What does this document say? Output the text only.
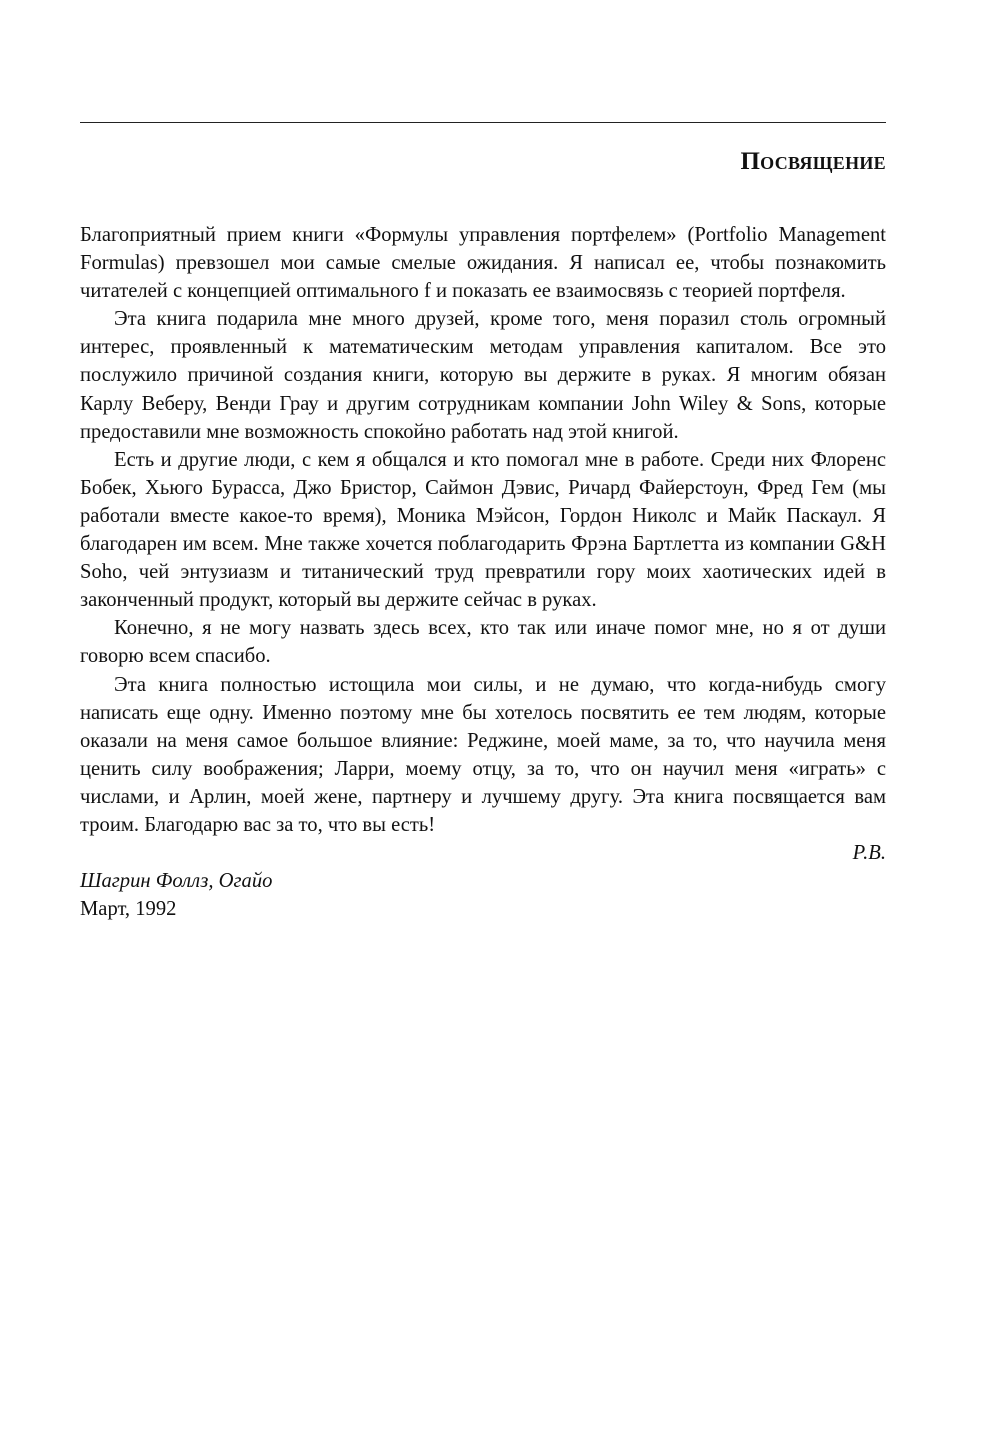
Посвящение

Благоприятный прием книги «Формулы управления портфелем» (Portfolio Management Formulas) превзошел мои самые смелые ожидания. Я написал ее, чтобы познакомить читателей с концепцией оптимального f и показать ее взаимосвязь с теорией портфеля.

Эта книга подарила мне много друзей, кроме того, меня поразил столь огромный интерес, проявленный к математическим методам управления капиталом. Все это послужило причиной создания книги, которую вы держите в руках. Я многим обязан Карлу Веберу, Венди Грау и другим сотрудникам компании John Wiley & Sons, которые предоставили мне возможность спокойно работать над этой книгой.

Есть и другие люди, с кем я общался и кто помогал мне в работе. Среди них Флоренс Бобек, Хьюго Бурасса, Джо Бристор, Саймон Дэвис, Ричард Файерстоун, Фред Гем (мы работали вместе какое-то время), Моника Мэйсон, Гордон Николс и Майк Паскаул. Я благодарен им всем. Мне также хочется поблагодарить Фрэна Бартлетта из компании G&H Soho, чей энтузиазм и титанический труд превратили гору моих хаотических идей в законченный продукт, который вы держите сейчас в руках.

Конечно, я не могу назвать здесь всех, кто так или иначе помог мне, но я от души говорю всем спасибо.

Эта книга полностью истощила мои силы, и не думаю, что когда-нибудь смогу написать еще одну. Именно поэтому мне бы хотелось посвятить ее тем людям, которые оказали на меня самое большое влияние: Реджине, моей маме, за то, что научила меня ценить силу воображения; Ларри, моему отцу, за то, что он научил меня «играть» с числами, и Арлин, моей жене, партнеру и лучшему другу. Эта книга посвящается вам троим. Благодарю вас за то, что вы есть!

Р.В.

Шагрин Фоллз, Огайо

Март, 1992
